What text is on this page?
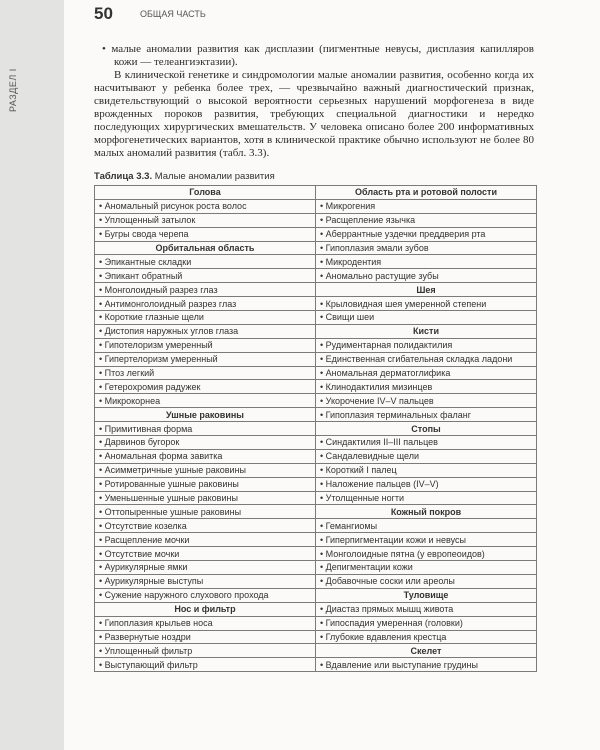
РАЗДЕЛ I
50	ОБЩАЯ ЧАСТЬ

• малые аномалии развития как дисплазии (пигментные невусы, дисплазия капилляров кожи — телеангиэктазии).

В клинической генетике и синдромологии малые аномалии развития, особенно когда их насчитывают у ребенка более трех, — чрезвычайно важный диагностический признак, свидетельствующий о высокой вероятности серьезных нарушений морфогенеза в виде врожденных пороков развития, требующих специальной диагностики и нередко последующих хирургических вмешательств. У человека описано более 200 информативных морфогенетических вариантов, хотя в клинической практике обычно используют не более 80 малых аномалий развития (табл. 3.3).

Таблица 3.3. Малые аномалии развития
Голова	Область рта и ротовой полости
• Аномальный рисунок роста волос	• Микрогения
• Уплощенный затылок	• Расщепление язычка
• Бугры свода черепа	• Аберрантные уздечки преддверия рта
Орбитальная область	• Гипоплазия эмали зубов
• Эпикантные складки	• Микродентия
• Эпикант обратный	• Аномально растущие зубы
• Монголоидный разрез глаз	Шея
• Антимонголоидный разрез глаз	• Крыловидная шея умеренной степени
• Короткие глазные щели	• Свищи шеи
• Дистопия наружных углов глаза	Кисти
• Гипотелоризм умеренный	• Рудиментарная полидактилия
• Гипертелоризм умеренный	• Единственная сгибательная складка ладони
• Птоз легкий	• Аномальная дерматоглифика
• Гетерохромия радужек	• Клинодактилия мизинцев
• Микрокорнеа	• Укорочение IV–V пальцев
Ушные раковины	• Гипоплазия терминальных фаланг
• Примитивная форма	Стопы
• Дарвинов бугорок	• Синдактилия II–III пальцев
• Аномальная форма завитка	• Сандалевидные щели
• Асимметричные ушные раковины	• Короткий I палец
• Ротированные ушные раковины	• Наложение пальцев (IV–V)
• Уменьшенные ушные раковины	• Утолщенные ногти
• Оттопыренные ушные раковины	Кожный покров
• Отсутствие козелка	• Гемангиомы
• Расщепление мочки	• Гиперпигментации кожи и невусы
• Отсутствие мочки	• Монголоидные пятна (у европеоидов)
• Аурикулярные ямки	• Депигментации кожи
• Аурикулярные выступы	• Добавочные соски или ареолы
• Сужение наружного слухового прохода	Туловище
Нос и фильтр	• Диастаз прямых мышц живота
• Гипоплазия крыльев носа	• Гипоспадия умеренная (головки)
• Развернутые ноздри	• Глубокие вдавления крестца
• Уплощенный фильтр	Скелет
• Выступающий фильтр	• Вдавление или выступание грудины
